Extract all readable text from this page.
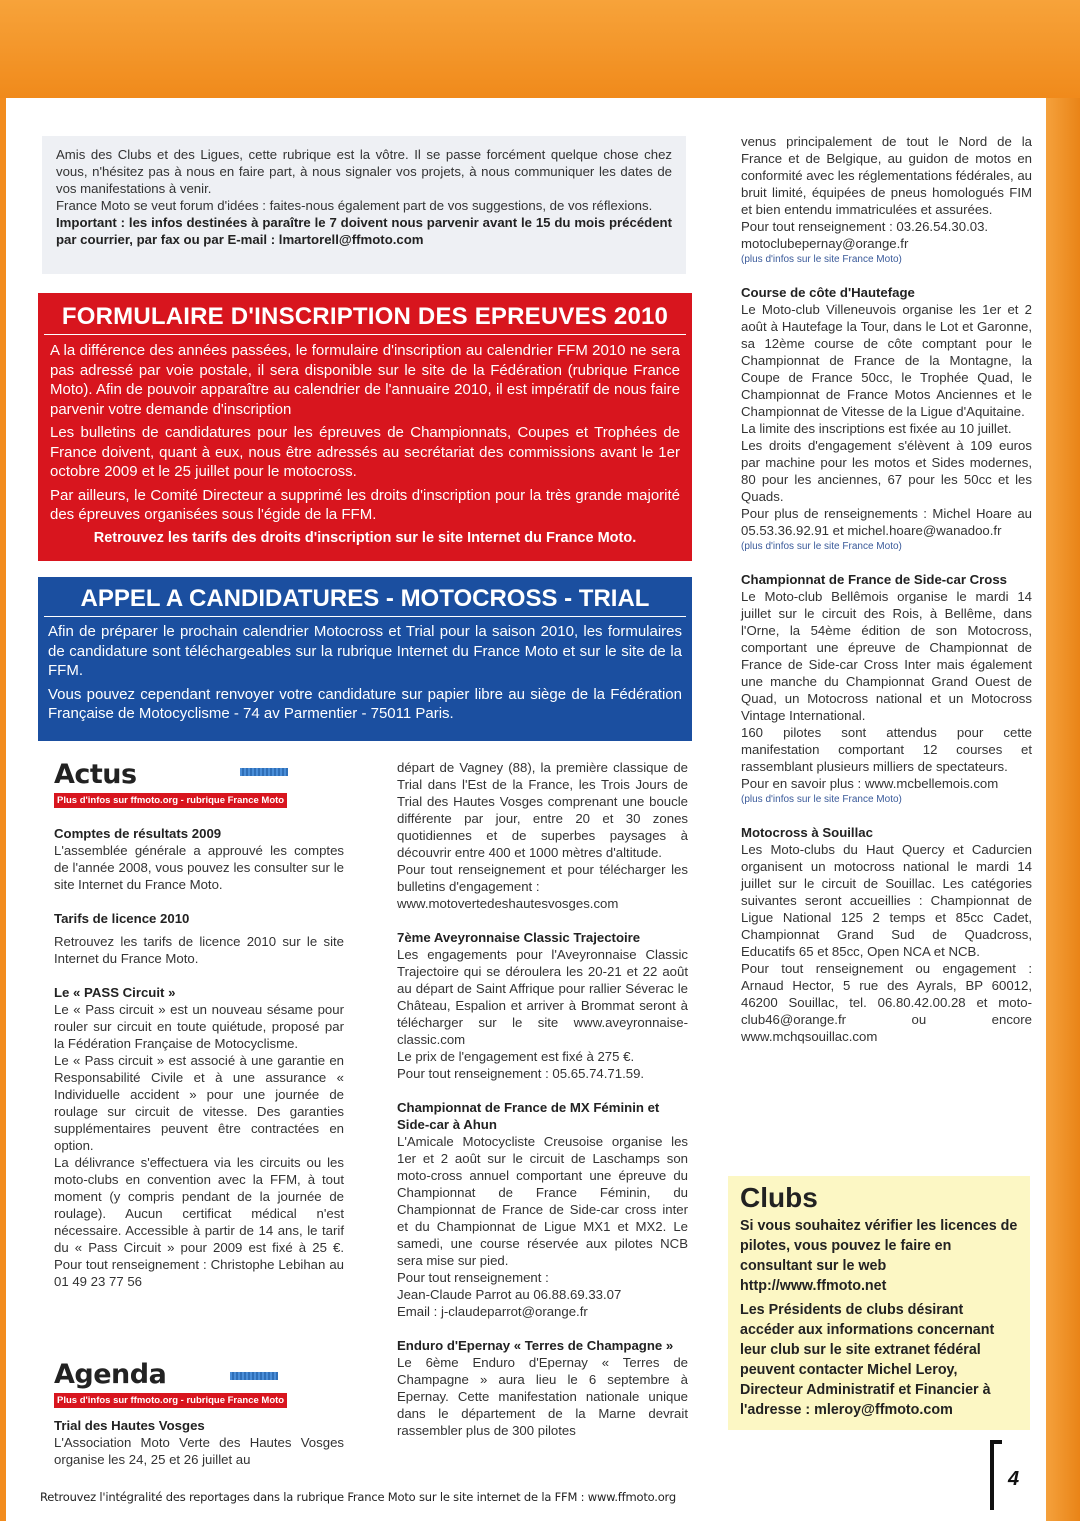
Amis des Clubs et des Ligues, cette rubrique est la vôtre. Il se passe forcément quelque chose chez vous, n'hésitez pas à nous en faire part, à nous signaler vos projets, à nous communiquer les dates de vos manifestations à venir.

France Moto se veut forum d'idées : faites-nous également part de vos suggestions, de vos réflexions.

Important : les infos destinées à paraître le 7 doivent nous parvenir avant le 15 du mois précédent par courrier, par fax ou par E-mail : lmartorell@ffmoto.com

FORMULAIRE D'INSCRIPTION DES EPREUVES 2010

A la différence des années passées, le formulaire d'inscription au calendrier FFM 2010 ne sera pas adressé par voie postale, il sera disponible sur le site de la Fédération (rubrique France Moto). Afin de pouvoir apparaître au calendrier de l'annuaire 2010, il est impératif de nous faire parvenir votre demande d'inscription

Les bulletins de candidatures pour les épreuves de Championnats, Coupes et Trophées de France doivent, quant à eux, nous être adressés au secrétariat des commissions avant le 1er octobre 2009 et le 25 juillet pour le motocross.

Par ailleurs, le Comité Directeur a supprimé les droits d'inscription pour la très grande majorité des épreuves organisées sous l'égide de la FFM.

Retrouvez les tarifs des droits d'inscription sur le site Internet du France Moto.

APPEL A CANDIDATURES - MOTOCROSS - TRIAL

Afin de préparer le prochain calendrier Motocross et Trial pour la saison 2010, les formulaires de candidature sont téléchargeables sur la rubrique Internet du France Moto et sur le site de la FFM.

Vous pouvez cependant renvoyer votre candidature sur papier libre au siège de la Fédération Française de Motocyclisme - 74 av Parmentier - 75011 Paris.

Actus
Plus d'infos sur ffmoto.org - rubrique France Moto
Comptes de résultats 2009

L'assemblée générale a approuvé les comptes de l'année 2008, vous pouvez les consulter sur le site Internet du France Moto.

Tarifs de licence 2010

Retrouvez les tarifs de licence 2010 sur le site Internet du France Moto.

Le « PASS Circuit »

Le « Pass circuit » est un nouveau sésame pour rouler sur circuit en toute quiétude, proposé par la Fédération Française de Motocyclisme.

Le « Pass circuit » est associé à une garantie en Responsabilité Civile et à une assurance « Individuelle accident » pour une journée de roulage sur circuit de vitesse. Des garanties supplémentaires peuvent être contractées en option.

La délivrance s'effectuera via les circuits ou les moto-clubs en convention avec la FFM, à tout moment (y compris pendant de la journée de roulage). Aucun certificat médical n'est nécessaire. Accessible à partir de 14 ans, le tarif du « Pass Circuit » pour 2009 est fixé à 25 €. Pour tout renseignement : Christophe Lebihan au 01 49 23 77 56

Agenda
Plus d'infos sur ffmoto.org - rubrique France Moto
Trial des Hautes Vosges

L'Association Moto Verte des Hautes Vosges organise les 24, 25 et 26 juillet au

départ de Vagney (88), la première classique de Trial dans l'Est de la France, les Trois Jours de Trial des Hautes Vosges comprenant une boucle différente par jour, entre 20 et 30 zones quotidiennes et de superbes paysages à découvrir entre 400 et 1000 mètres d'altitude.

Pour tout renseignement et pour télécharger les bulletins d'engagement :

www.motovertedeshautesvosges.com

7ème Aveyronnaise Classic Trajectoire

Les engagements pour l'Aveyronnaise Classic Trajectoire qui se déroulera les 20-21 et 22 août au départ de Saint Affrique pour rallier Séverac le Château, Espalion et arriver à Brommat seront à télécharger sur le site www.aveyronnaise-classic.com

Le prix de l'engagement est fixé à 275 €.

Pour tout renseignement : 05.65.74.71.59.

Championnat de France de MX Féminin et Side-car à Ahun

L'Amicale Motocycliste Creusoise organise les 1er et 2 août sur le circuit de Laschamps son moto-cross annuel comportant une épreuve du Championnat de France Féminin, du Championnat de France de Side-car cross inter et du Championnat de Ligue MX1 et MX2. Le samedi, une course réservée aux pilotes NCB sera mise sur pied.

Pour tout renseignement :

Jean-Claude Parrot au 06.88.69.33.07

Email : j-claudeparrot@orange.fr

Enduro d'Epernay « Terres de Champagne »

Le 6ème Enduro d'Epernay « Terres de Champagne » aura lieu le 6 septembre à Epernay. Cette manifestation nationale unique dans le département de la Marne devrait rassembler plus de 300 pilotes

venus principalement de tout le Nord de la France et de Belgique, au guidon de motos en conformité avec les réglementations fédérales, au bruit limité, équipées de pneus homologués FIM et bien entendu immatriculées et assurées.

Pour tout renseignement : 03.26.54.30.03.

motoclubepernay@orange.fr

(plus d'infos sur le site France Moto)

Course de côte d'Hautefage

Le Moto-club Villeneuvois organise les 1er et 2 août à Hautefage la Tour, dans le Lot et Garonne, sa 12ème course de côte comptant pour le Championnat de France de la Montagne, la Coupe de France 50cc, le Trophée Quad, le Championnat de France Motos Anciennes et le Championnat de Vitesse de la Ligue d'Aquitaine.

La limite des inscriptions est fixée au 10 juillet.

Les droits d'engagement s'élèvent à 109 euros par machine pour les motos et Sides modernes, 80 pour les anciennes, 67 pour les 50cc et les Quads.

Pour plus de renseignements : Michel Hoare au 05.53.36.92.91 et michel.hoare@wanadoo.fr

(plus d'infos sur le site France Moto)

Championnat de France de Side-car Cross

Le Moto-club Bellêmois organise le mardi 14 juillet sur le circuit des Rois, à Bellême, dans l'Orne, la 54ème édition de son Motocross, comportant une épreuve de Championnat de France de Side-car Cross Inter mais également une manche du Championnat Grand Ouest de Quad, un Motocross national et un Motocross Vintage International.

160 pilotes sont attendus pour cette manifestation comportant 12 courses et rassemblant plusieurs milliers de spectateurs.

Pour en savoir plus : www.mcbellemois.com

(plus d'infos sur le site France Moto)

Motocross à Souillac

Les Moto-clubs du Haut Quercy et Cadurcien organisent un motocross national le mardi 14 juillet sur le circuit de Souillac. Les catégories suivantes seront accueillies : Championnat de Ligue National 125 2 temps et 85cc Cadet, Championnat Grand Sud de Quadcross, Educatifs 65 et 85cc, Open NCA et NCB.

Pour tout renseignement ou engagement : Arnaud Hector, 5 rue des Ayrals, BP 60012, 46200 Souillac, tel. 06.80.42.00.28 et moto-club46@orange.fr ou encore www.mchqsouillac.com

Clubs

Si vous souhaitez vérifier les licences de pilotes, vous pouvez le faire en consultant sur le web http://www.ffmoto.net

Les Présidents de clubs désirant accéder aux informations concernant leur club sur le site extranet fédéral peuvent contacter Michel Leroy, Directeur Administratif et Financier à l'adresse : mleroy@ffmoto.com

Retrouvez l'intégralité des reportages dans la rubrique France Moto sur le site internet de la FFM : www.ffmoto.org
4
